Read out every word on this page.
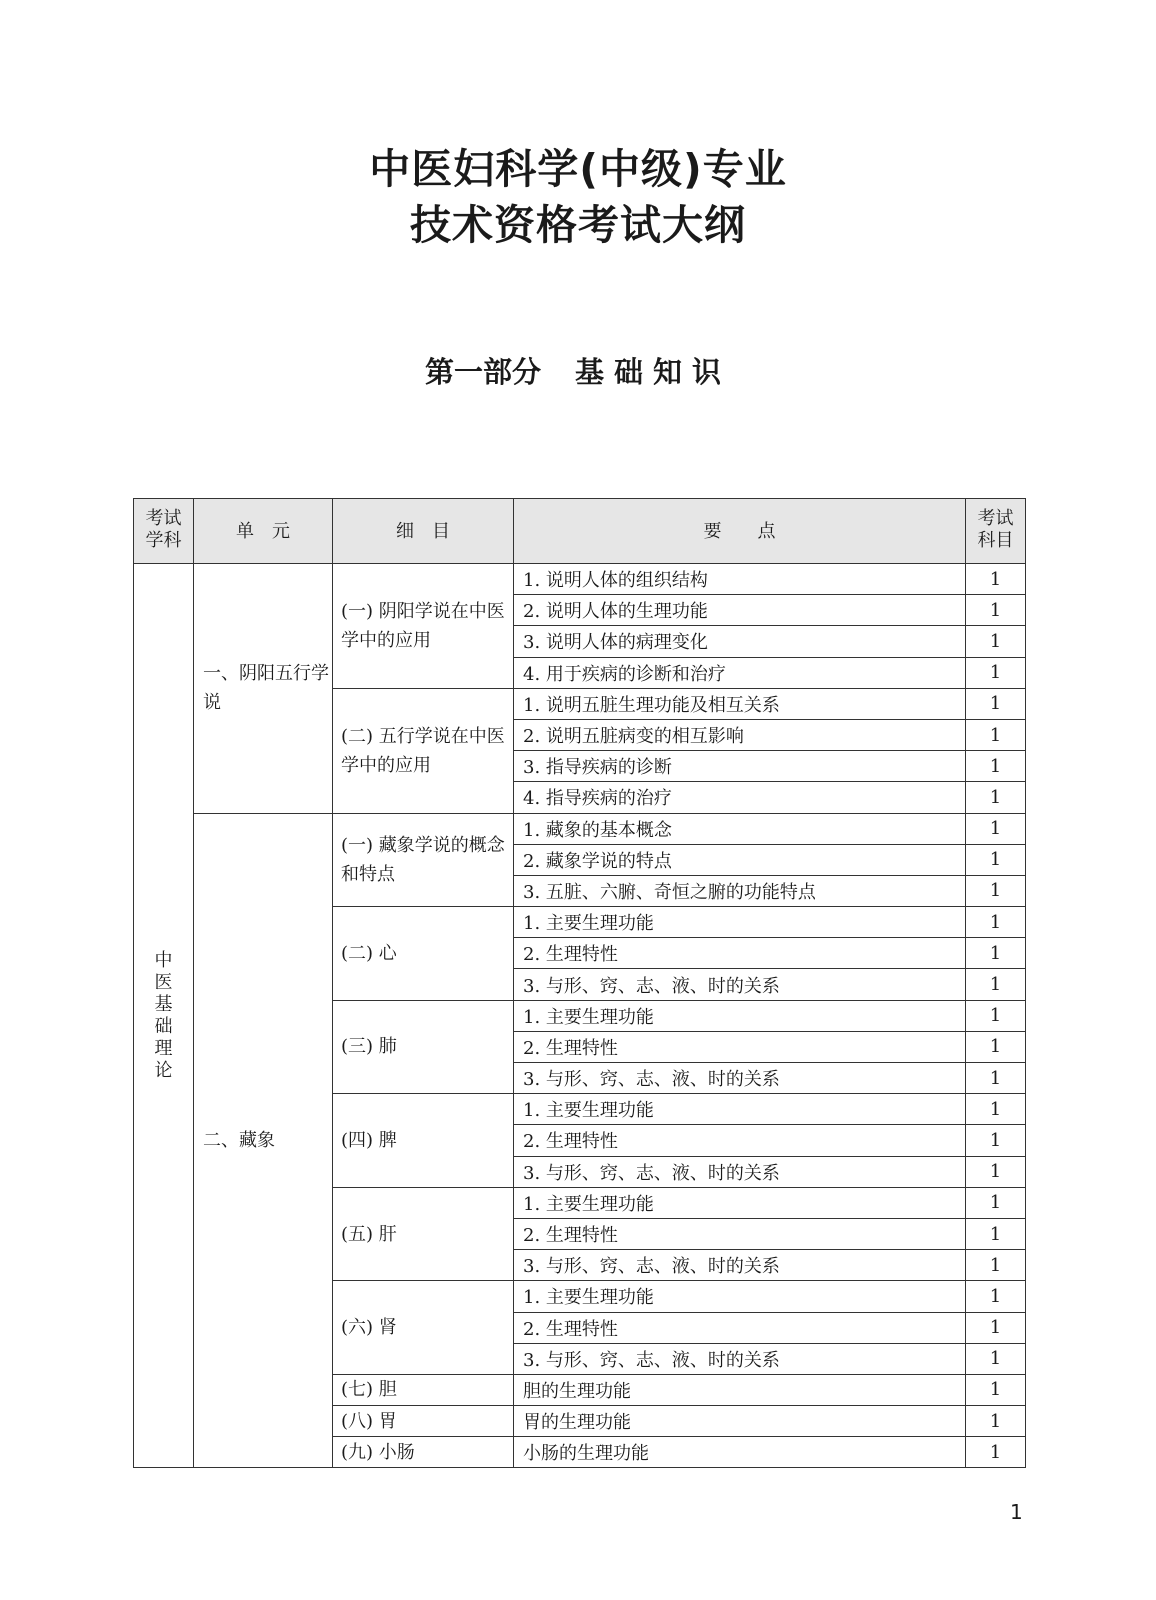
中医妇科学(中级)专业
技术资格考试大纲
第一部分 基础知识
考试学科	单　元	细　目	要　　点	考试科目
中医基础理论	一、阴阳五行学说	(一) 阴阳学说在中医学中的应用	1. 说明人体的组织结构	1
			2. 说明人体的生理功能	1
			3. 说明人体的病理变化	1
			4. 用于疾病的诊断和治疗	1
		(二) 五行学说在中医学中的应用	1. 说明五脏生理功能及相互关系	1
			2. 说明五脏病变的相互影响	1
			3. 指导疾病的诊断	1
			4. 指导疾病的治疗	1
	二、藏象	(一) 藏象学说的概念和特点	1. 藏象的基本概念	1
			2. 藏象学说的特点	1
			3. 五脏、六腑、奇恒之腑的功能特点	1
		(二) 心	1. 主要生理功能	1
			2. 生理特性	1
			3. 与形、窍、志、液、时的关系	1
		(三) 肺	1. 主要生理功能	1
			2. 生理特性	1
			3. 与形、窍、志、液、时的关系	1
		(四) 脾	1. 主要生理功能	1
			2. 生理特性	1
			3. 与形、窍、志、液、时的关系	1
		(五) 肝	1. 主要生理功能	1
			2. 生理特性	1
			3. 与形、窍、志、液、时的关系	1
		(六) 肾	1. 主要生理功能	1
			2. 生理特性	1
			3. 与形、窍、志、液、时的关系	1
		(七) 胆	胆的生理功能	1
		(八) 胃	胃的生理功能	1
		(九) 小肠	小肠的生理功能	1
1
